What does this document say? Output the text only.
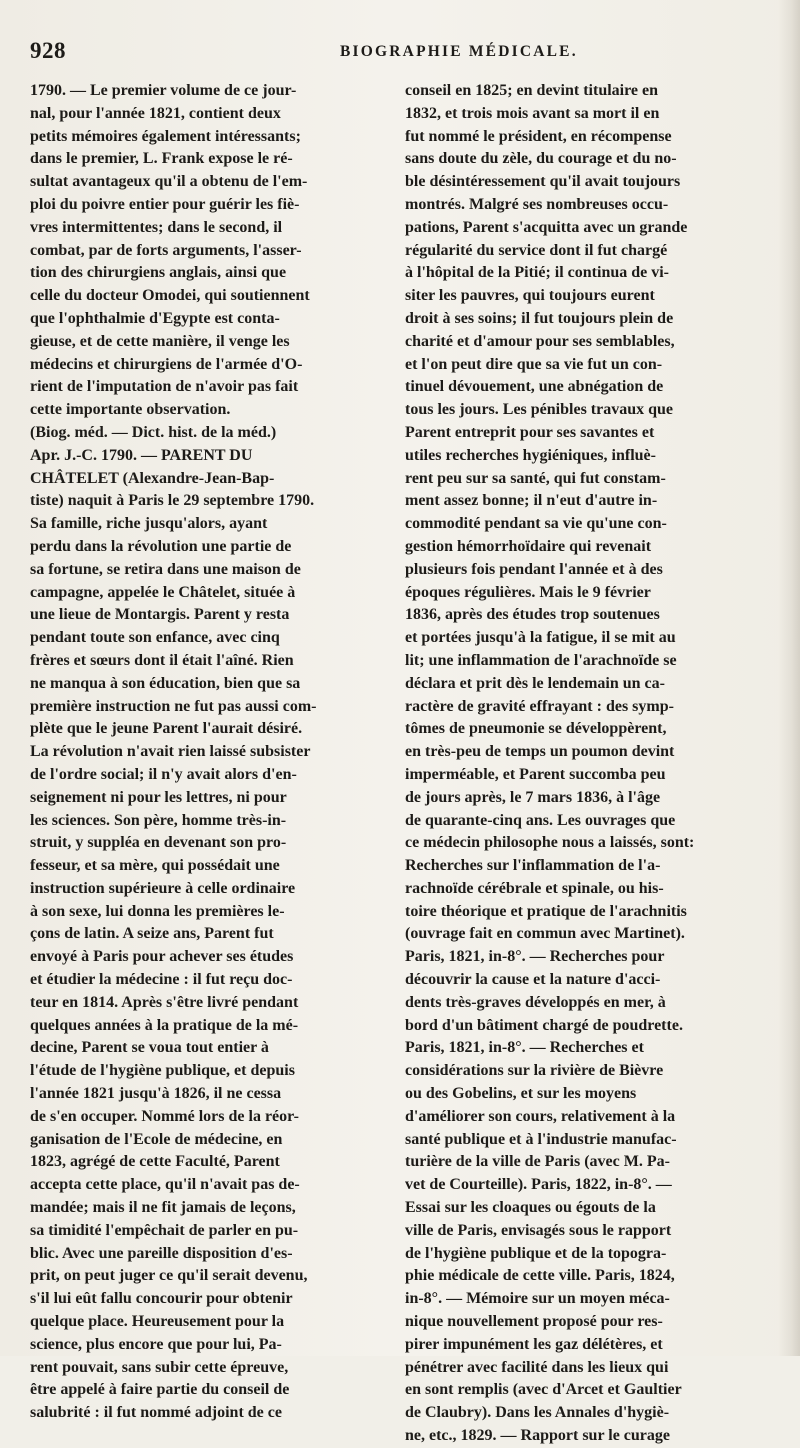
928	BIOGRAPHIE MÉDICALE.
1790. — Le premier volume de ce jour-
nal, pour l'année 1821, contient deux
petits mémoires également intéressants;
dans le premier, L. Frank expose le ré-
sultat avantageux qu'il a obtenu de l'em-
ploi du poivre entier pour guérir les fiè-
vres intermittentes; dans le second, il
combat, par de forts arguments, l'asser-
tion des chirurgiens anglais, ainsi que
celle du docteur Omodei, qui soutiennent
que l'ophthalmie d'Egypte est conta-
gieuse, et de cette manière, il venge les
médecins et chirurgiens de l'armée d'O-
rient de l'imputation de n'avoir pas fait
cette importante observation.
(Biog. méd. — Dict. hist. de la méd.)
Apr. J.-C. 1790. — PARENT DU
CHÂTELET (Alexandre-Jean-Bap-
tiste) naquit à Paris le 29 septembre 1790.
Sa famille, riche jusqu'alors, ayant
perdu dans la révolution une partie de
sa fortune, se retira dans une maison de
campagne, appelée le Châtelet, située à
une lieue de Montargis. Parent y resta
pendant toute son enfance, avec cinq
frères et sœurs dont il était l'aîné. Rien
ne manqua à son éducation, bien que sa
première instruction ne fut pas aussi com-
plète que le jeune Parent l'aurait désiré.
La révolution n'avait rien laissé subsister
de l'ordre social; il n'y avait alors d'en-
seignement ni pour les lettres, ni pour
les sciences. Son père, homme très-in-
struit, y suppléa en devenant son pro-
fesseur, et sa mère, qui possédait une
instruction supérieure à celle ordinaire
à son sexe, lui donna les premières le-
çons de latin. A seize ans, Parent fut
envoyé à Paris pour achever ses études
et étudier la médecine : il fut reçu doc-
teur en 1814. Après s'être livré pendant
quelques années à la pratique de la mé-
decine, Parent se voua tout entier à
l'étude de l'hygiène publique, et depuis
l'année 1821 jusqu'à 1826, il ne cessa
de s'en occuper. Nommé lors de la réor-
ganisation de l'Ecole de médecine, en
1823, agrégé de cette Faculté, Parent
accepta cette place, qu'il n'avait pas de-
mandée; mais il ne fit jamais de leçons,
sa timidité l'empêchait de parler en pu-
blic. Avec une pareille disposition d'es-
prit, on peut juger ce qu'il serait devenu,
s'il lui eût fallu concourir pour obtenir
quelque place. Heureusement pour la
science, plus encore que pour lui, Pa-
rent pouvait, sans subir cette épreuve,
être appelé à faire partie du conseil de
salubrité : il fut nommé adjoint de ce
conseil en 1825; en devint titulaire en
1832, et trois mois avant sa mort il en
fut nommé le président, en récompense
sans doute du zèle, du courage et du no-
ble désintéressement qu'il avait toujours
montrés. Malgré ses nombreuses occu-
pations, Parent s'acquitta avec un grande
régularité du service dont il fut chargé
à l'hôpital de la Pitié; il continua de vi-
siter les pauvres, qui toujours eurent
droit à ses soins; il fut toujours plein de
charité et d'amour pour ses semblables,
et l'on peut dire que sa vie fut un con-
tinuel dévouement, une abnégation de
tous les jours. Les pénibles travaux que
Parent entreprit pour ses savantes et
utiles recherches hygiéniques, influè-
rent peu sur sa santé, qui fut constam-
ment assez bonne; il n'eut d'autre in-
commodité pendant sa vie qu'une con-
gestion hémorrhoïdaire qui revenait
plusieurs fois pendant l'année et à des
époques régulières. Mais le 9 février
1836, après des études trop soutenues
et portées jusqu'à la fatigue, il se mit au
lit; une inflammation de l'arachnoïde se
déclara et prit dès le lendemain un ca-
ractère de gravité effrayant : des symp-
tômes de pneumonie se développèrent,
en très-peu de temps un poumon devint
imperméable, et Parent succomba peu
de jours après, le 7 mars 1836, à l'âge
de quarante-cinq ans. Les ouvrages que
ce médecin philosophe nous a laissés, sont:
Recherches sur l'inflammation de l'a-
rachnoïde cérébrale et spinale, ou his-
toire théorique et pratique de l'arachnitis
(ouvrage fait en commun avec Martinet).
Paris, 1821, in-8°. — Recherches pour
découvrir la cause et la nature d'acci-
dents très-graves développés en mer, à
bord d'un bâtiment chargé de poudrette.
Paris, 1821, in-8°. — Recherches et
considérations sur la rivière de Bièvre
ou des Gobelins, et sur les moyens
d'améliorer son cours, relativement à la
santé publique et à l'industrie manufac-
turière de la ville de Paris (avec M. Pa-
vet de Courteille). Paris, 1822, in-8°. —
Essai sur les cloaques ou égouts de la
ville de Paris, envisagés sous le rapport
de l'hygiène publique et de la topogra-
phie médicale de cette ville. Paris, 1824,
in-8°. — Mémoire sur un moyen méca-
nique nouvellement proposé pour res-
pirer impunément les gaz délétères, et
pénétrer avec facilité dans les lieux qui
en sont remplis (avec d'Arcet et Gaultier
de Claubry). Dans les Annales d'hygiè-
ne, etc., 1829. — Rapport sur le curage
